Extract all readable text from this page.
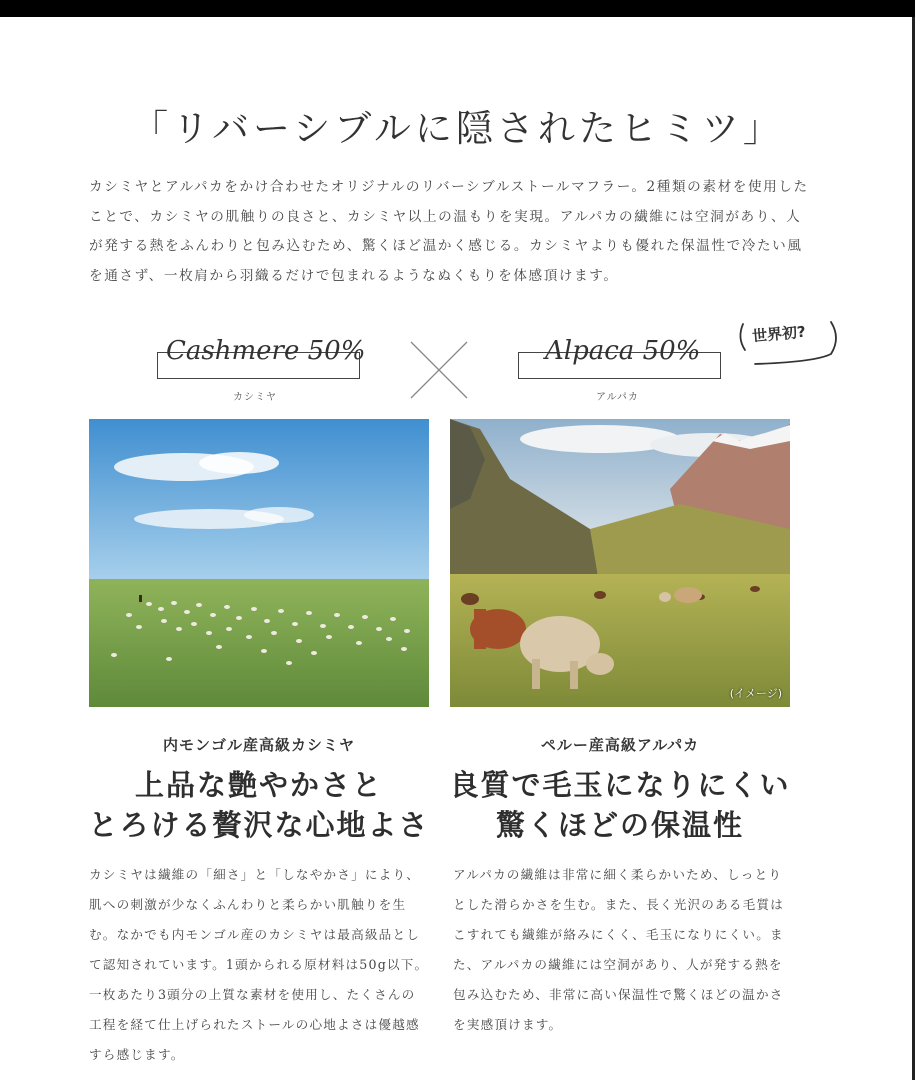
「リバーシブルに隠されたヒミツ」

カシミヤとアルパカをかけ合わせたオリジナルのリバーシブルストールマフラー。2種類の素材を使用したことで、カシミヤの肌触りの良さと、カシミヤ以上の温もりを実現。アルパカの繊維には空洞があり、人が発する熱をふんわりと包み込むため、驚くほど温かく感じる。カシミヤよりも優れた保温性で冷たい風を通さず、一枚肩から羽織るだけで包まれるようなぬくもりを体感頂けます。

Cashmere 50%
カシミヤ
Alpaca 50%
アルパカ
世界初?
(イメージ)
内モンゴル産高級カシミヤ
上品な艶やかさと
とろける贅沢な心地よさ

カシミヤは繊維の「細さ」と「しなやかさ」により、肌への刺激が少なくふんわりと柔らかい肌触りを生む。なかでも内モンゴル産のカシミヤは最高級品として認知されています。1頭かられる原材料は50g以下。一枚あたり3頭分の上質な素材を使用し、たくさんの工程を経て仕上げられたストールの心地よさは優越感すら感じます。

ペルー産高級アルパカ
良質で毛玉になりにくい
驚くほどの保温性

アルパカの繊維は非常に細く柔らかいため、しっとりとした滑らかさを生む。また、長く光沢のある毛質はこすれても繊維が絡みにくく、毛玉になりにくい。また、アルパカの繊維には空洞があり、人が発する熱を包み込むため、非常に高い保温性で驚くほどの温かさを実感頂けます。
